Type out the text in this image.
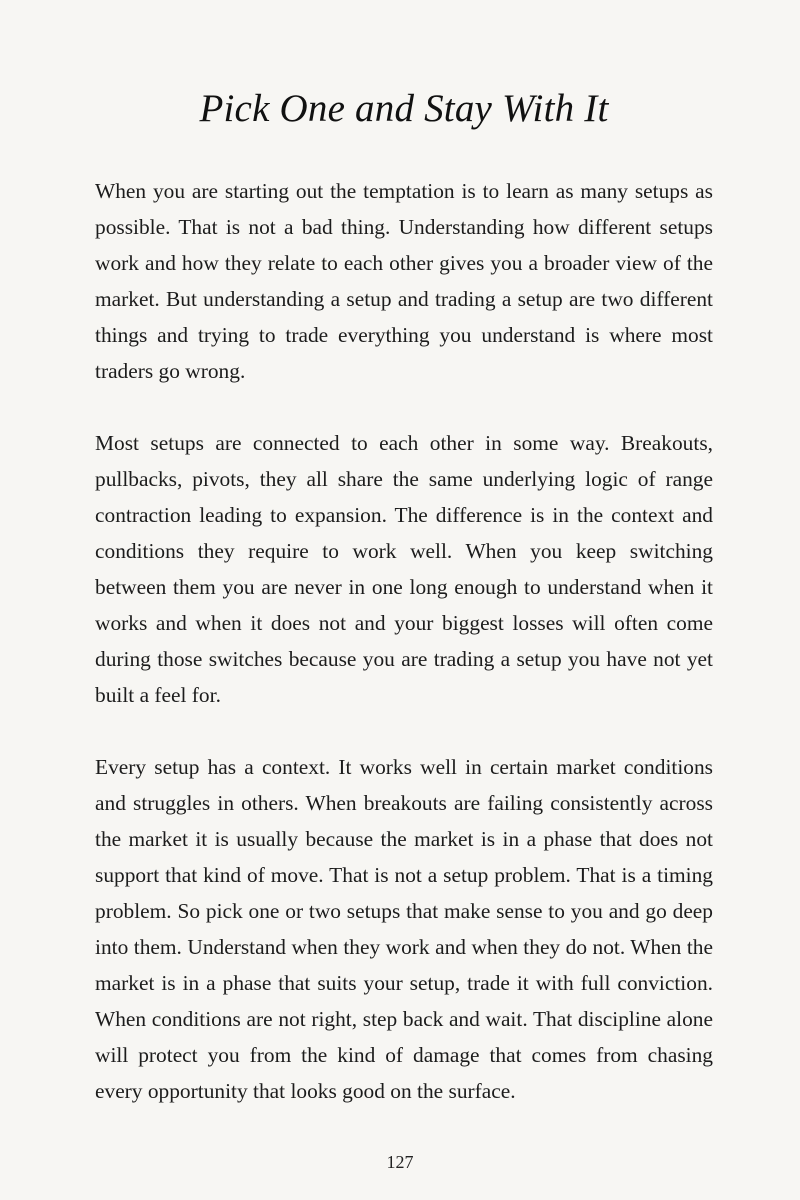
Pick One and Stay With It

When you are starting out the temptation is to learn as many setups as possible. That is not a bad thing. Understanding how different setups work and how they relate to each other gives you a broader view of the market. But understanding a setup and trading a setup are two different things and trying to trade everything you understand is where most traders go wrong.

Most setups are connected to each other in some way. Breakouts, pullbacks, pivots, they all share the same underlying logic of range contraction leading to expansion. The difference is in the context and conditions they require to work well. When you keep switching between them you are never in one long enough to understand when it works and when it does not and your biggest losses will often come during those switches because you are trading a setup you have not yet built a feel for.

Every setup has a context. It works well in certain market conditions and struggles in others. When breakouts are failing consistently across the market it is usually because the market is in a phase that does not support that kind of move. That is not a setup problem. That is a timing problem. So pick one or two setups that make sense to you and go deep into them. Understand when they work and when they do not. When the market is in a phase that suits your setup, trade it with full conviction. When conditions are not right, step back and wait. That discipline alone will protect you from the kind of damage that comes from chasing every opportunity that looks good on the surface.

127
